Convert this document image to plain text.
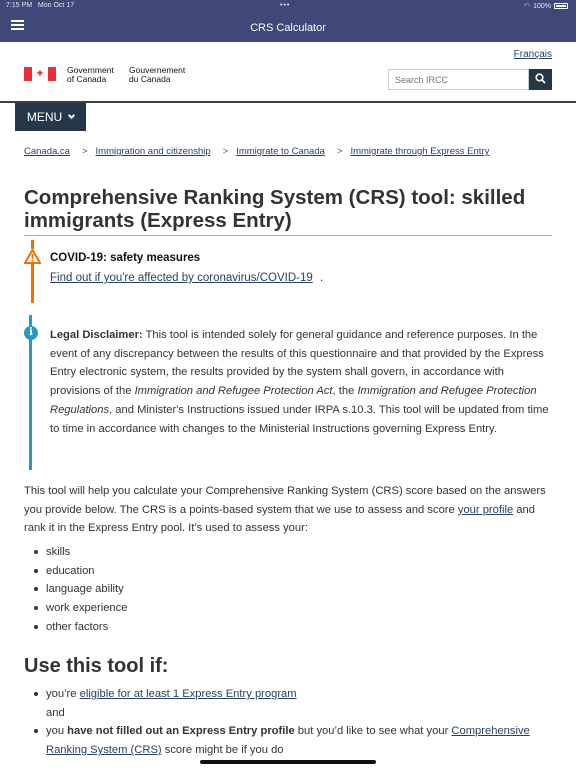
7:15 PM Mon Oct 17	•••	◠ 100%
CRS Calculator
Français
✦	Government
of Canada
Gouvernement
du Canada
Search IRCC
MENU
Canada.ca > Immigration and citizenship > Immigrate to Canada > Immigrate through Express Entry
Comprehensive Ranking System (CRS) tool: skilled immigrants (Express Entry)
COVID-19: safety measures
Find out if you're affected by coronavirus/COVID-19 .
i	Legal Disclaimer: This tool is intended solely for general guidance and reference purposes. In the event of any discrepancy between the results of this questionnaire and that provided by the Express Entry electronic system, the results provided by the system shall govern, in accordance with provisions of the Immigration and Refugee Protection Act, the Immigration and Refugee Protection Regulations, and Minister's Instructions issued under IRPA s.10.3. This tool will be updated from time to time in accordance with changes to the Ministerial Instructions governing Express Entry.

This tool will help you calculate your Comprehensive Ranking System (CRS) score based on the answers you provide below. The CRS is a points-based system that we use to assess and score your profile and rank it in the Express Entry pool. It’s used to assess your:

skills
education
language ability
work experience
other factors
Use this tool if:
you’re eligible for at least 1 Express Entry program
and
you have not filled out an Express Entry profile but you’d like to see what your Comprehensive Ranking System (CRS) score might be if you do
